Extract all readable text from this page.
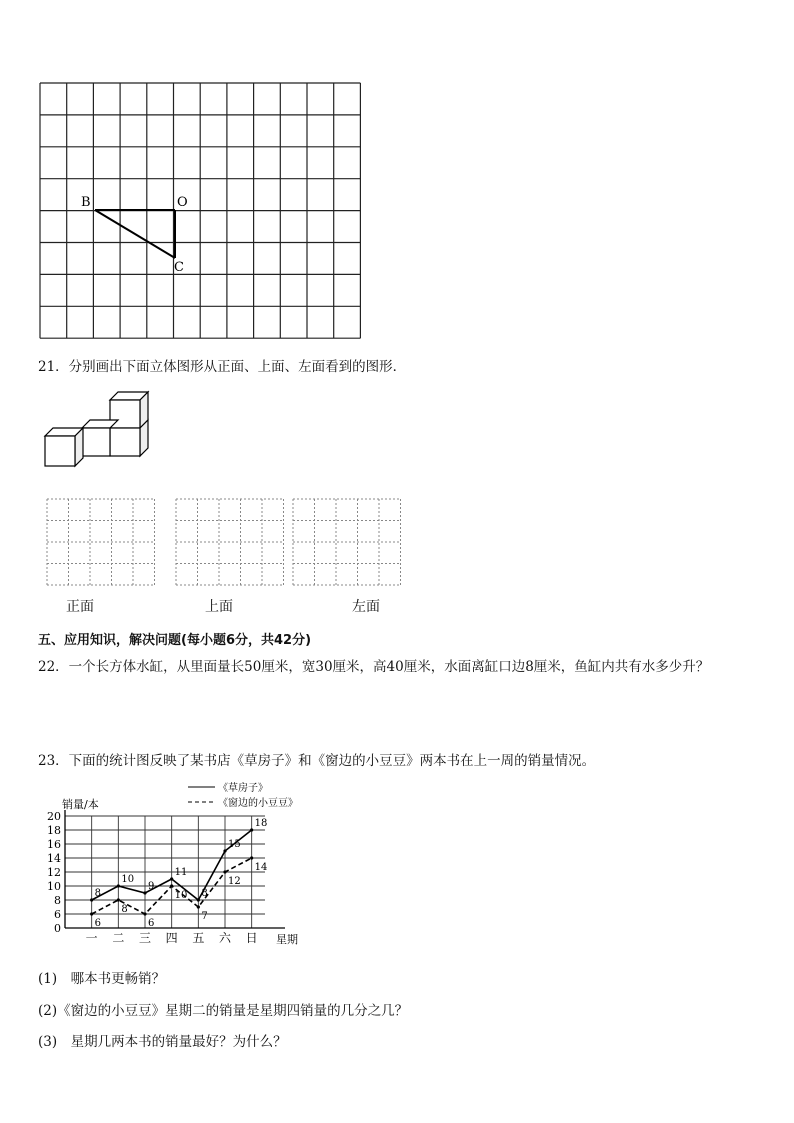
B	O
C
21．分别画出下面立体图形从正面、上面、左面看到的图形．
正面	上面	左面
五、应用知识，解决问题(每小题6分，共42分)
22．一个长方体水缸，从里面量长50厘米，宽30厘米，高40厘米，水面离缸口边8厘米，鱼缸内共有水多少升？
23．下面的统计图反映了某书店《草房子》和《窗边的小豆豆》两本书在上一周的销量情况。
0
6
8
10
12
14
16
18
20
一 二 三 四 五 六 日
8
10
9
11
8
15
18
6
8
6
10
7
12
14
销量/本
星期
《草房子》
《窗边的小豆豆》
(1)　哪本书更畅销？
(2)《窗边的小豆豆》星期二的销量是星期四销量的几分之几？
(3)　星期几两本书的销量最好？为什么？
